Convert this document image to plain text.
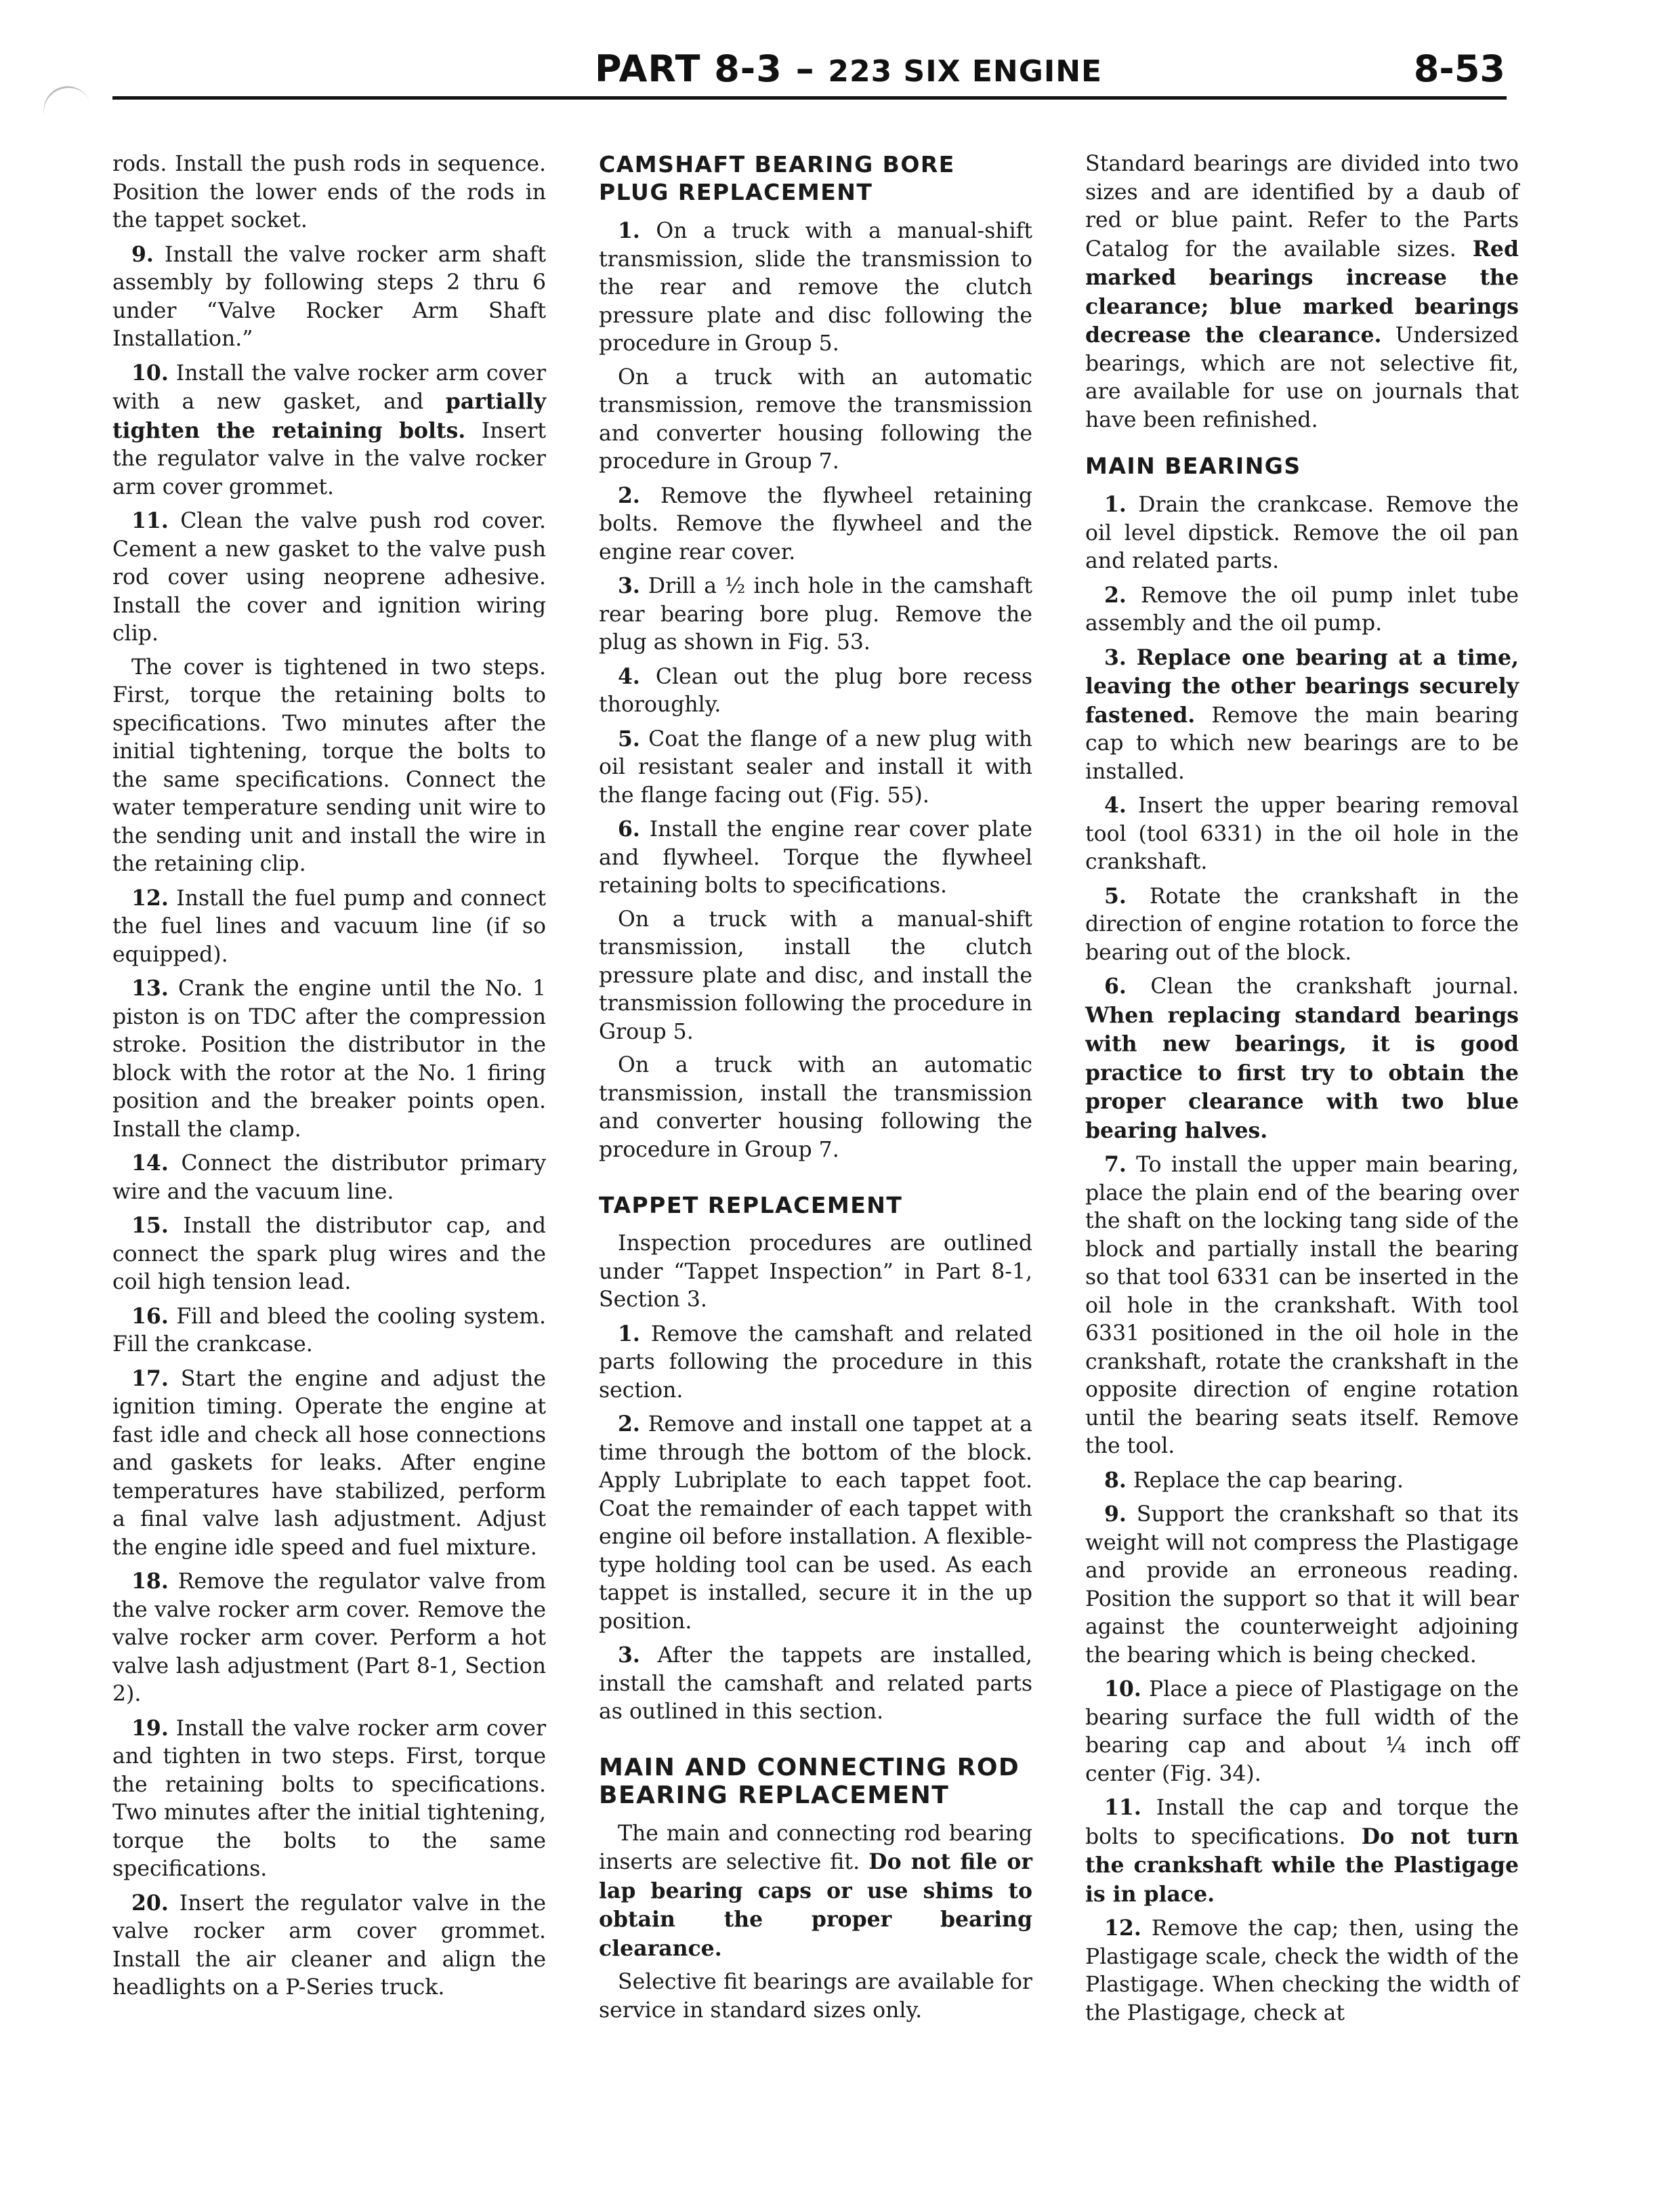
PART 8-3 – 223 SIX ENGINE	8-53

rods. Install the push rods in sequence. Position the lower ends of the rods in the tappet socket.

9. Install the valve rocker arm shaft assembly by following steps 2 thru 6 under “Valve Rocker Arm Shaft Installation.”

10. Install the valve rocker arm cover with a new gasket, and partially tighten the retaining bolts. Insert the regulator valve in the valve rocker arm cover grommet.

11. Clean the valve push rod cover. Cement a new gasket to the valve push rod cover using neoprene adhesive. Install the cover and ignition wiring clip.

The cover is tightened in two steps. First, torque the retaining bolts to specifications. Two minutes after the initial tightening, torque the bolts to the same specifications. Connect the water temperature sending unit wire to the sending unit and install the wire in the retaining clip.

12. Install the fuel pump and connect the fuel lines and vacuum line (if so equipped).

13. Crank the engine until the No. 1 piston is on TDC after the compression stroke. Position the distributor in the block with the rotor at the No. 1 firing position and the breaker points open. Install the clamp.

14. Connect the distributor primary wire and the vacuum line.

15. Install the distributor cap, and connect the spark plug wires and the coil high tension lead.

16. Fill and bleed the cooling system. Fill the crankcase.

17. Start the engine and adjust the ignition timing. Operate the engine at fast idle and check all hose connections and gaskets for leaks. After engine temperatures have stabilized, perform a final valve lash adjustment. Adjust the engine idle speed and fuel mixture.

18. Remove the regulator valve from the valve rocker arm cover. Remove the valve rocker arm cover. Perform a hot valve lash adjustment (Part 8-1, Section 2).

19. Install the valve rocker arm cover and tighten in two steps. First, torque the retaining bolts to specifications. Two minutes after the initial tightening, torque the bolts to the same specifications.

20. Insert the regulator valve in the valve rocker arm cover grommet. Install the air cleaner and align the headlights on a P-Series truck.

CAMSHAFT BEARING BORE PLUG REPLACEMENT

1. On a truck with a manual-shift transmission, slide the transmission to the rear and remove the clutch pressure plate and disc following the procedure in Group 5.

On a truck with an automatic transmission, remove the transmission and converter housing following the procedure in Group 7.

2. Remove the flywheel retaining bolts. Remove the flywheel and the engine rear cover.

3. Drill a ½ inch hole in the camshaft rear bearing bore plug. Remove the plug as shown in Fig. 53.

4. Clean out the plug bore recess thoroughly.

5. Coat the flange of a new plug with oil resistant sealer and install it with the flange facing out (Fig. 55).

6. Install the engine rear cover plate and flywheel. Torque the flywheel retaining bolts to specifications.

On a truck with a manual-shift transmission, install the clutch pressure plate and disc, and install the transmission following the procedure in Group 5.

On a truck with an automatic transmission, install the transmission and converter housing following the procedure in Group 7.

TAPPET REPLACEMENT

Inspection procedures are outlined under “Tappet Inspection” in Part 8-1, Section 3.

1. Remove the camshaft and related parts following the procedure in this section.

2. Remove and install one tappet at a time through the bottom of the block. Apply Lubriplate to each tappet foot. Coat the remainder of each tappet with engine oil before installation. A flexible-type holding tool can be used. As each tappet is installed, secure it in the up position.

3. After the tappets are installed, install the camshaft and related parts as outlined in this section.

MAIN AND CONNECTING ROD BEARING REPLACEMENT

The main and connecting rod bearing inserts are selective fit. Do not file or lap bearing caps or use shims to obtain the proper bearing clearance.

Selective fit bearings are available for service in standard sizes only.

Standard bearings are divided into two sizes and are identified by a daub of red or blue paint. Refer to the Parts Catalog for the available sizes. Red marked bearings increase the clearance; blue marked bearings decrease the clearance. Undersized bearings, which are not selective fit, are available for use on journals that have been refinished.

MAIN BEARINGS

1. Drain the crankcase. Remove the oil level dipstick. Remove the oil pan and related parts.

2. Remove the oil pump inlet tube assembly and the oil pump.

3. Replace one bearing at a time, leaving the other bearings securely fastened. Remove the main bearing cap to which new bearings are to be installed.

4. Insert the upper bearing removal tool (tool 6331) in the oil hole in the crankshaft.

5. Rotate the crankshaft in the direction of engine rotation to force the bearing out of the block.

6. Clean the crankshaft journal. When replacing standard bearings with new bearings, it is good practice to first try to obtain the proper clearance with two blue bearing halves.

7. To install the upper main bearing, place the plain end of the bearing over the shaft on the locking tang side of the block and partially install the bearing so that tool 6331 can be inserted in the oil hole in the crankshaft. With tool 6331 positioned in the oil hole in the crankshaft, rotate the crankshaft in the opposite direction of engine rotation until the bearing seats itself. Remove the tool.

8. Replace the cap bearing.

9. Support the crankshaft so that its weight will not compress the Plastigage and provide an erroneous reading. Position the support so that it will bear against the counterweight adjoining the bearing which is being checked.

10. Place a piece of Plastigage on the bearing surface the full width of the bearing cap and about ¼ inch off center (Fig. 34).

11. Install the cap and torque the bolts to specifications. Do not turn the crankshaft while the Plastigage is in place.

12. Remove the cap; then, using the Plastigage scale, check the width of the Plastigage. When checking the width of the Plastigage, check at
